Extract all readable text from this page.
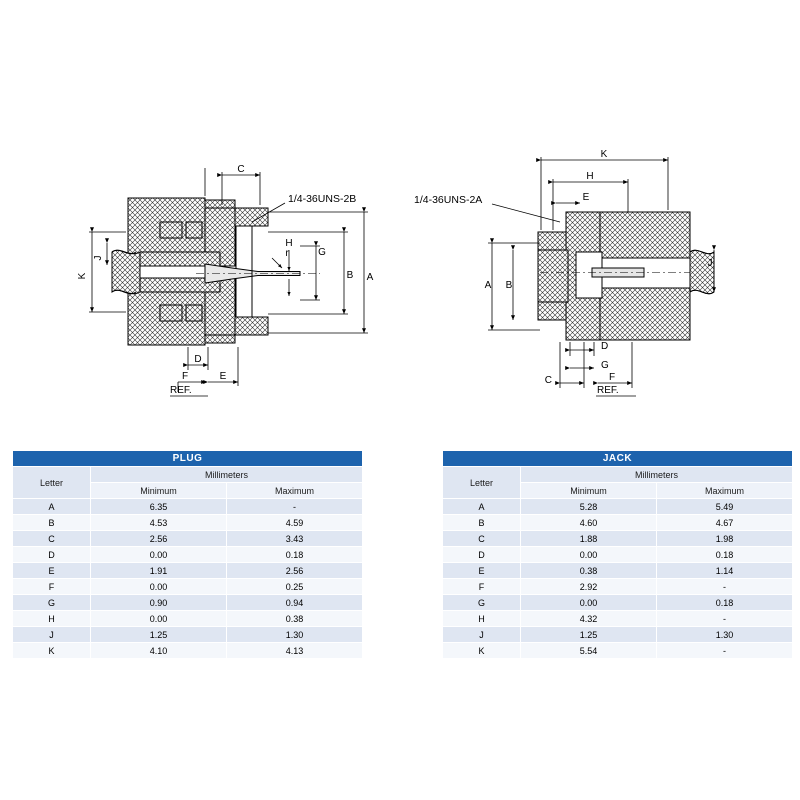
C
1/4-36UNS-2B
K
J
H
r	G
B A
D
F	E
REF.
K
H
E
1/4-36UNS-2A
A B
J
D
G
C	F
REF.
PLUG		
Letter	Millimeters	
	Minimum	Maximum
A	6.35	-
B	4.53	4.59
C	2.56	3.43
D	0.00	0.18
E	1.91	2.56
F	0.00	0.25
G	0.90	0.94
H	0.00	0.38
J	1.25	1.30
K	4.10	4.13
JACK		
Letter	Millimeters	
	Minimum	Maximum
A	5.28	5.49
B	4.60	4.67
C	1.88	1.98
D	0.00	0.18
E	0.38	1.14
F	2.92	-
G	0.00	0.18
H	4.32	-
J	1.25	1.30
K	5.54	-
